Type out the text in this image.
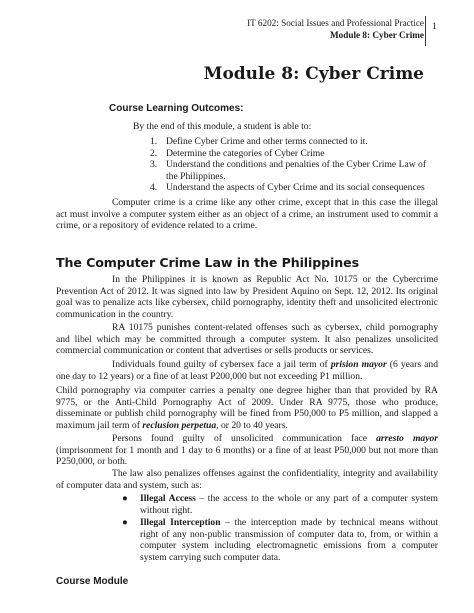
IT 6202: Social Issues and Professional Practice
Module 8: Cyber Crime
1
Module 8: Cyber Crime
Course Learning Outcomes:
By the end of this module, a student is able to:
1. Define Cyber Crime and other terms connected to it.
2. Determine the categories of Cyber Crime
3. Understand the conditions and penalties of the Cyber Crime Law of the Philippines.
4. Understand the aspects of Cyber Crime and its social consequences
Computer crime is a crime like any other crime, except that in this case the illegal act must involve a computer system either as an object of a crime, an instrument used to commit a crime, or a repository of evidence related to a crime.
The Computer Crime Law in the Philippines
In the Philippines it is known as Republic Act No. 10175 or the Cybercrime Prevention Act of 2012. It was signed into law by President Aquino on Sept. 12, 2012. Its original goal was to penalize acts like cybersex, child pornography, identity theft and unsolicited electronic communication in the country.
RA 10175 punishes content-related offenses such as cybersex, child pornography and libel which may be committed through a computer system. It also penalizes unsolicited commercial communication or content that advertises or sells products or services.
Individuals found guilty of cybersex face a jail term of prision mayor (6 years and one day to 12 years) or a fine of at least P200,000 but not exceeding P1 million.
Child pornography via computer carries a penalty one degree higher than that provided by RA 9775, or the Anti-Child Pornography Act of 2009. Under RA 9775, those who produce, disseminate or publish child pornography will be fined from P50,000 to P5 million, and slapped a maximum jail term of reclusion perpetua, or 20 to 40 years.
Persons found guilty of unsolicited communication face arresto mayor (imprisonment for 1 month and 1 day to 6 months) or a fine of at least P50,000 but not more than P250,000, or both.
The law also penalizes offenses against the confidentiality, integrity and availability of computer data and system, such as:
● Illegal Access – the access to the whole or any part of a computer system without right.
● Illegal Interception – the interception made by technical means without right of any non-public transmission of computer data to, from, or within a computer system including electromagnetic emissions from a computer system carrying such computer data.
Course Module
